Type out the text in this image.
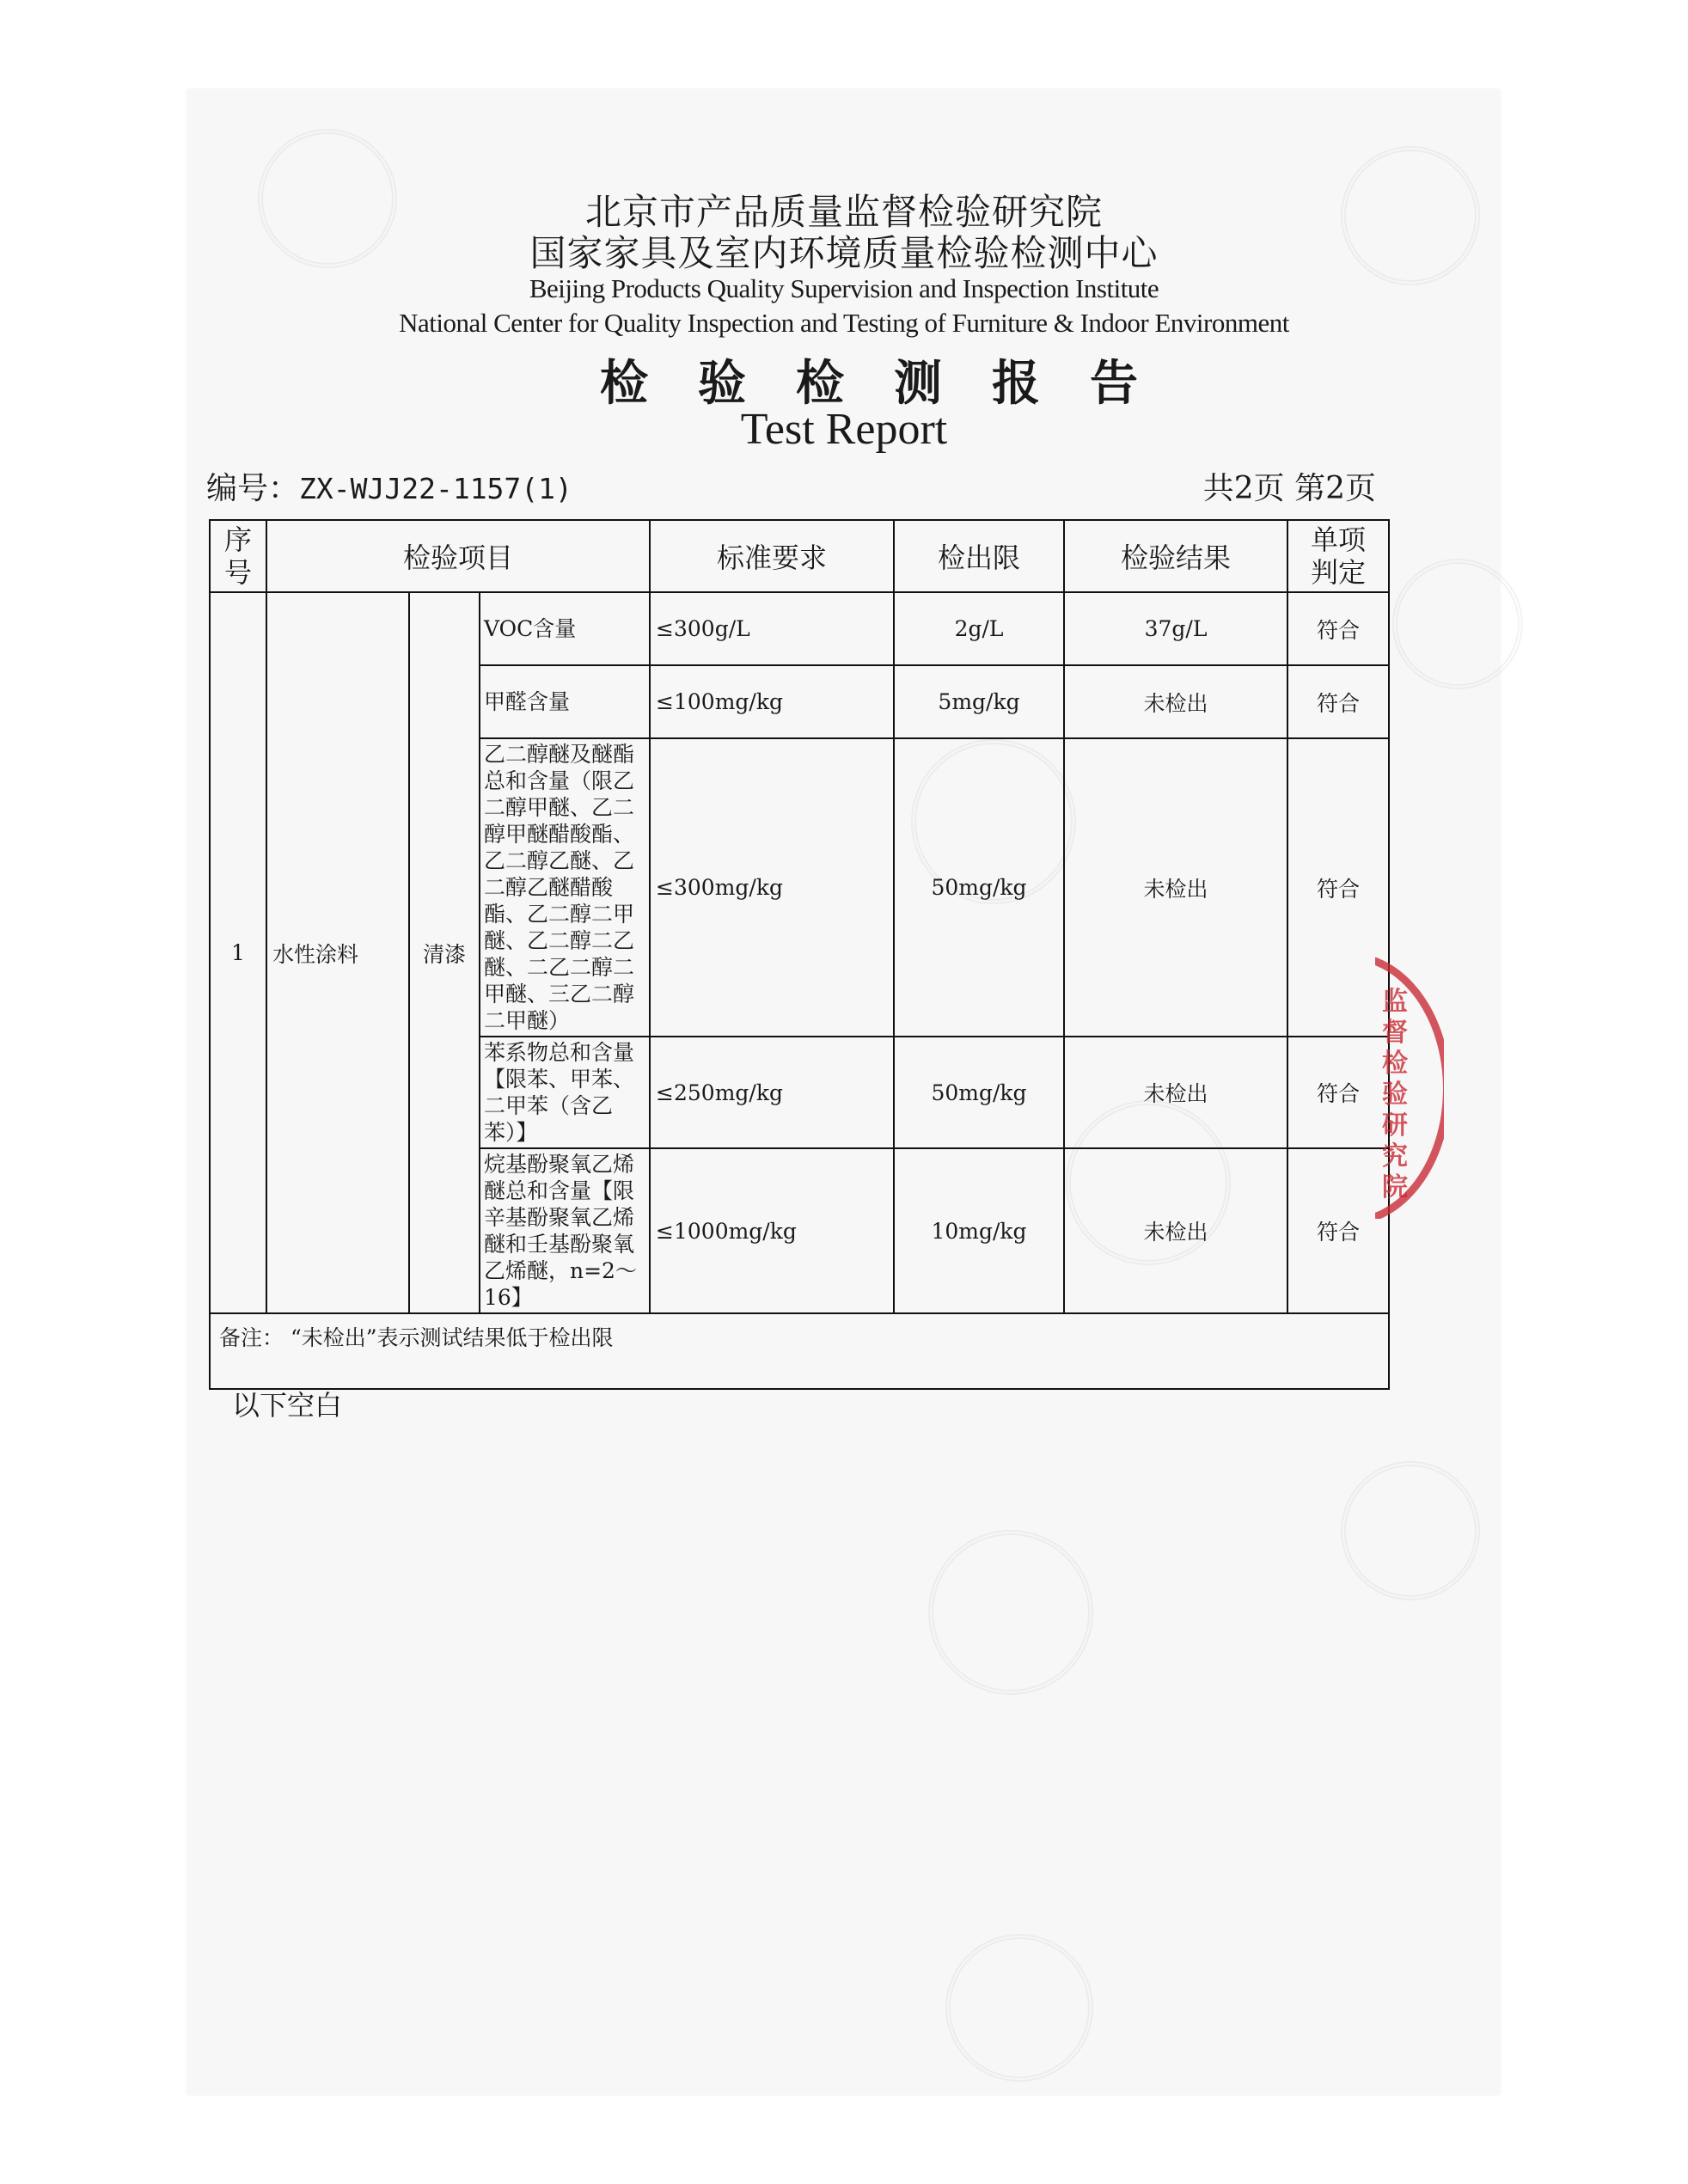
北京市产品质量监督检验研究院
国家家具及室内环境质量检验检测中心
Beijing Products Quality Supervision and Inspection Institute
National Center for Quality Inspection and Testing of Furniture & Indoor Environment
检验检测报告
Test Report
编号：ZX-WJJ22-1157(1)	共2页 第2页
序号	检验项目			标准要求	检出限	检验结果	单项判定
1	水性涂料	清漆	VOC含量	≤300g/L	2g/L	37g/L	符合
			甲醛含量	≤100mg/kg	5mg/kg	未检出	符合
			乙二醇醚及醚酯总和含量（限乙二醇甲醚、乙二醇甲醚醋酸酯、乙二醇乙醚、乙二醇乙醚醋酸酯、乙二醇二甲醚、乙二醇二乙醚、二乙二醇二甲醚、三乙二醇二甲醚）	≤300mg/kg	50mg/kg	未检出	符合
			苯系物总和含量【限苯、甲苯、二甲苯（含乙苯）】	≤250mg/kg	50mg/kg	未检出	符合
			烷基酚聚氧乙烯醚总和含量【限辛基酚聚氧乙烯醚和壬基酚聚氧乙烯醚，n=2～16】	≤1000mg/kg	10mg/kg	未检出	符合
备注： “未检出”表示测试结果低于检出限							
以下空白
监督检验研究院
